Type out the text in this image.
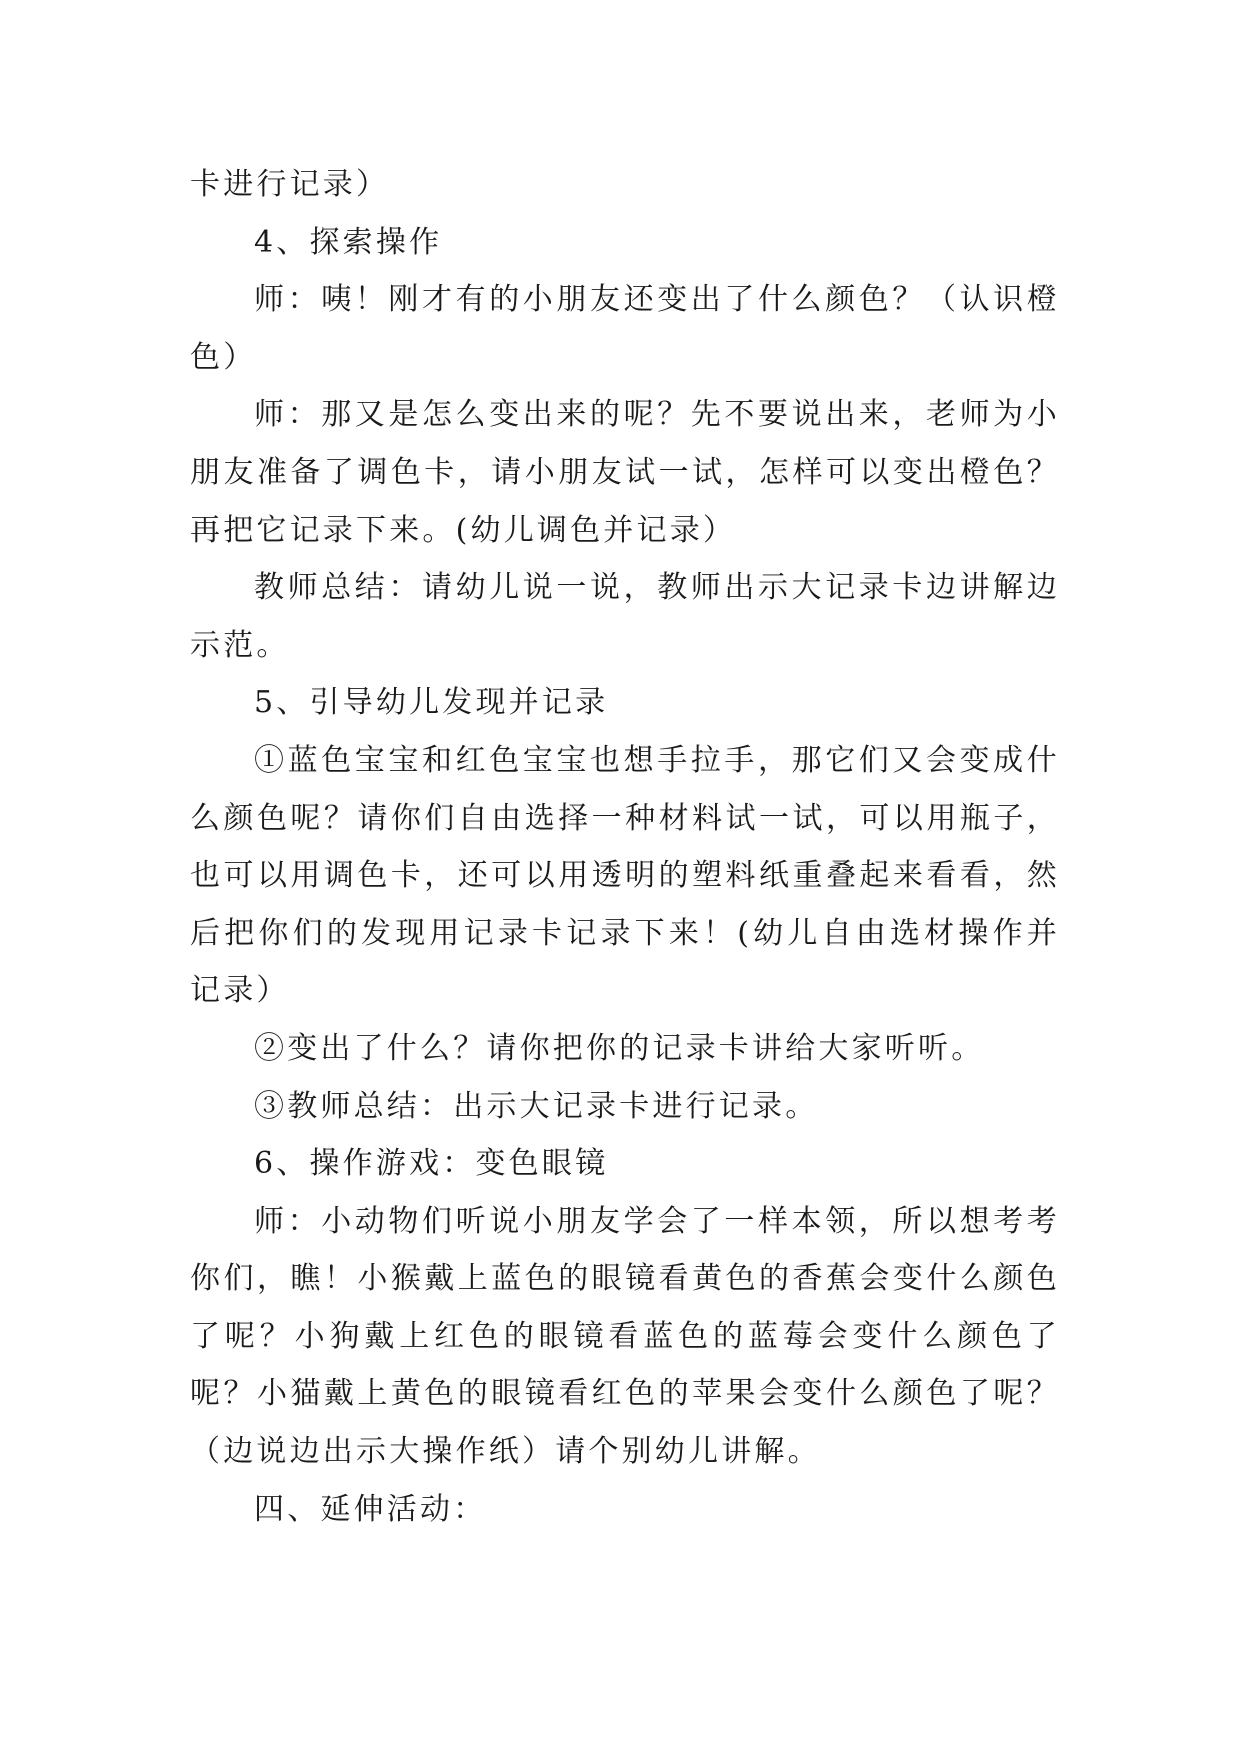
卡进行记录）

4、探索操作

师：咦！刚才有的小朋友还变出了什么颜色？（认识橙色）

师：那又是怎么变出来的呢？先不要说出来，老师为小朋友准备了调色卡，请小朋友试一试，怎样可以变出橙色？再把它记录下来。(幼儿调色并记录）

教师总结：请幼儿说一说，教师出示大记录卡边讲解边示范。

5、引导幼儿发现并记录

①蓝色宝宝和红色宝宝也想手拉手，那它们又会变成什么颜色呢？请你们自由选择一种材料试一试，可以用瓶子，也可以用调色卡，还可以用透明的塑料纸重叠起来看看，然后把你们的发现用记录卡记录下来！(幼儿自由选材操作并记录）

②变出了什么？请你把你的记录卡讲给大家听听。

③教师总结：出示大记录卡进行记录。

6、操作游戏：变色眼镜

师：小动物们听说小朋友学会了一样本领，所以想考考你们，瞧！小猴戴上蓝色的眼镜看黄色的香蕉会变什么颜色了呢？小狗戴上红色的眼镜看蓝色的蓝莓会变什么颜色了呢？小猫戴上黄色的眼镜看红色的苹果会变什么颜色了呢？（边说边出示大操作纸）请个别幼儿讲解。

四、延伸活动：
